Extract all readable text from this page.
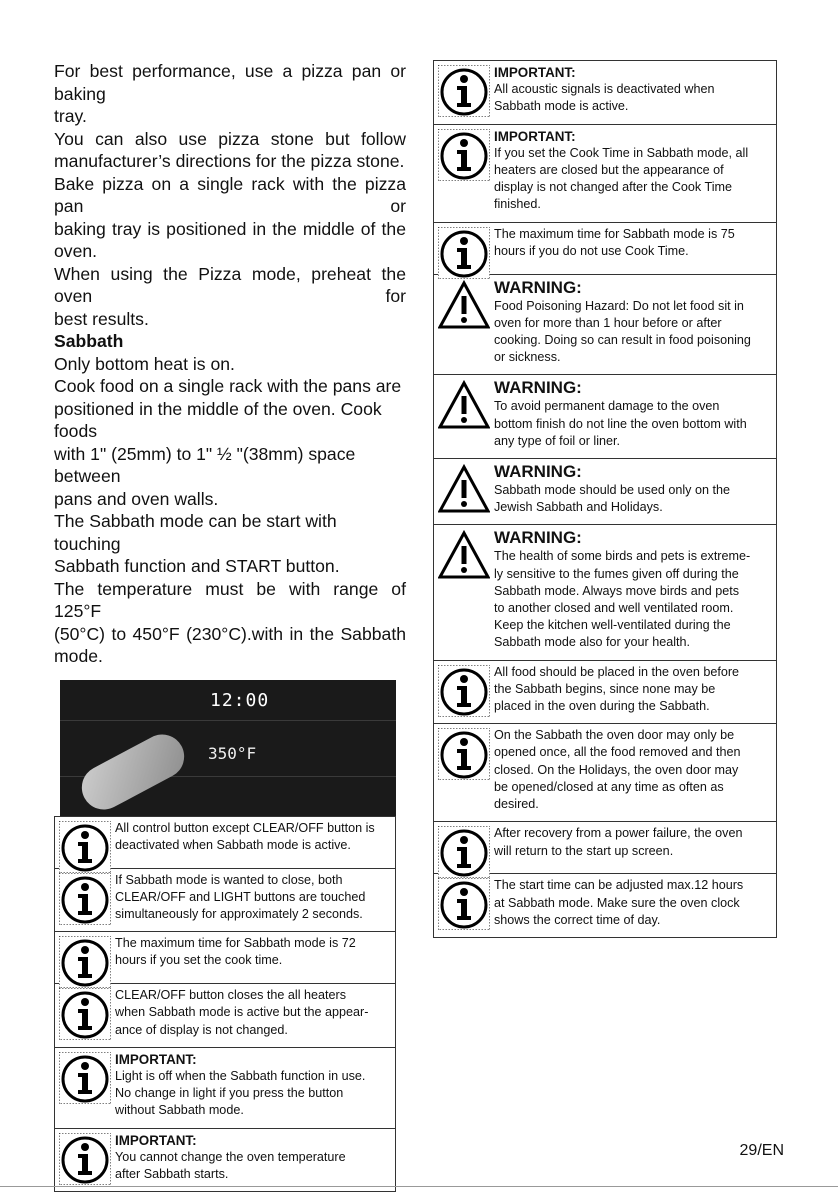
For best performance, use a pizza pan or baking

tray.

You can also use pizza stone but follow

manufacturer’s directions for the pizza stone.

Bake pizza on a single rack with the pizza pan or

baking tray is positioned in the middle of the

oven.

When using the Pizza mode, preheat the oven for

best results.

Sabbath

Only bottom heat is on.

Cook food on a single rack with the pans are

positioned in the middle of the oven. Cook foods

with 1" (25mm) to 1" ½ "(38mm) space between

pans and oven walls.

The Sabbath mode can be start with touching

Sabbath function and START button.

The temperature must be with range of 125°F

(50°C) to 450°F (230°C).with in the Sabbath

mode.

12:00
350°F

All control button except CLEAR/OFF button is

deactivated when Sabbath mode is active.

If Sabbath mode is wanted to close, both

CLEAR/OFF and LIGHT buttons are touched

simultaneously for approximately 2 seconds.

The maximum time for Sabbath mode is 72

hours if you set the cook time.

CLEAR/OFF button closes the all heaters

when Sabbath mode is active but the appear-

ance of display is not changed.

IMPORTANT:

Light is off when the Sabbath function in use.

No change in light if you press the button

without Sabbath mode.

IMPORTANT:

You cannot change the oven temperature

after Sabbath starts.

IMPORTANT:

All acoustic signals is deactivated when

Sabbath mode is active.

IMPORTANT:

If you set the Cook Time in Sabbath mode, all

heaters are closed but the appearance of

display is not changed after the Cook Time

finished.

The maximum time for Sabbath mode is 75

hours if you do not use Cook Time.

WARNING:

Food Poisoning Hazard: Do not let food sit in

oven for more than 1 hour before or after

cooking. Doing so can result in food poisoning

or sickness.

WARNING:

To avoid permanent damage to the oven

bottom finish do not line the oven bottom with

any type of foil or liner.

WARNING:

Sabbath mode should be used only on the

Jewish Sabbath and Holidays.

WARNING:

The health of some birds and pets is extreme-

ly sensitive to the fumes given off during the

Sabbath mode. Always move birds and pets

to another closed and well ventilated room.

Keep the kitchen well-ventilated during the

Sabbath mode also for your health.

All food should be placed in the oven before

the Sabbath begins, since none may be

placed in the oven during the Sabbath.

On the Sabbath the oven door may only be

opened once, all the food removed and then

closed. On the Holidays, the oven door may

be opened/closed at any time as often as

desired.

After recovery from a power failure, the oven

will return to the start up screen.

The start time can be adjusted max.12 hours

at Sabbath mode. Make sure the oven clock

shows the correct time of day.

29/EN
